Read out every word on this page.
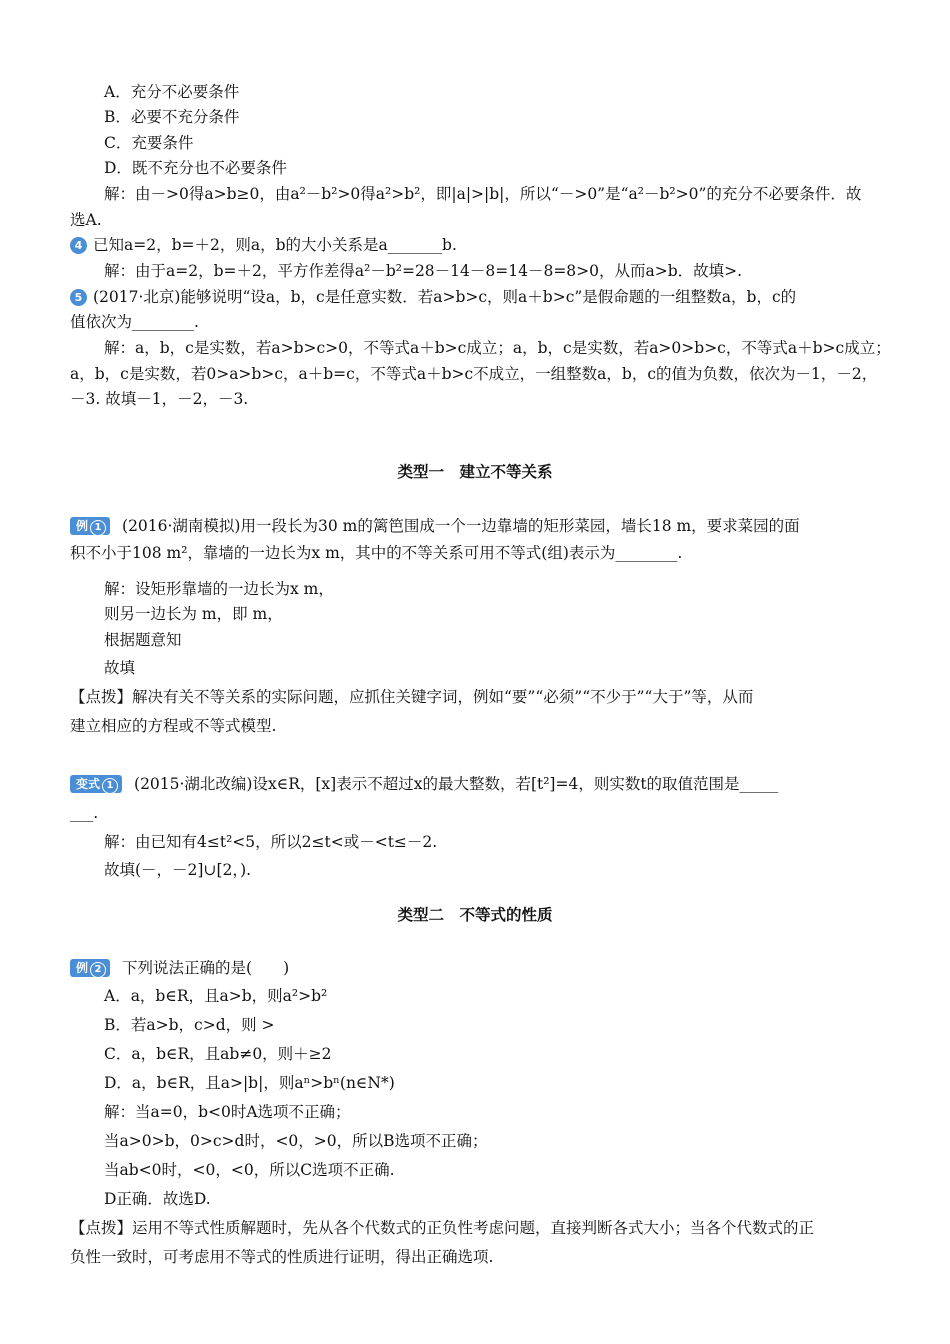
A．充分不必要条件
B．必要不充分条件
C．充要条件
D．既不充分也不必要条件
解：由－>0得a>b≥0，由a²－b²>0得a²>b²，即|a|>|b|，所以“－>0”是“a²－b²>0”的充分不必要条件．故
选A.
4 已知a=2，b=＋2，则a，b的大小关系是a_______b.
解：由于a=2，b=＋2，平方作差得a²－b²=28－14－8=14－8=8>0，从而a>b．故填>.
5 (2017·北京)能够说明“设a，b，c是任意实数．若a>b>c，则a＋b>c”是假命题的一组整数a，b，c的
值依次为________.
解：a，b，c是实数，若a>b>c>0，不等式a＋b>c成立；a，b，c是实数，若a>0>b>c，不等式a＋b>c成立；
a，b，c是实数，若0>a>b>c，a＋b=c，不等式a＋b>c不成立，一组整数a，b，c的值为负数，依次为－1，－2，
－3. 故填－1，－2，－3.
例 1 (2016·湖南模拟)用一段长为30 m的篱笆围成一个一边靠墙的矩形菜园，墙长18 m，要求菜园的面
积不小于108 m²，靠墙的一边长为x m，其中的不等关系可用不等式(组)表示为________.
解：设矩形靠墙的一边长为x m，
则另一边长为 m，即 m，
根据题意知
故填
【点拨】解决有关不等关系的实际问题，应抓住关键字词，例如“要”“必须”“不少于”“大于”等，从而
建立相应的方程或不等式模型.
变式 1 (2015·湖北改编)设x∈R，[x]表示不超过x的最大整数，若[t²]=4，则实数t的取值范围是_____
___.
解：由已知有4≤t²<5，所以2≤t<或－<t≤－2.
故填(－，－2]∪[2，).
例 2 下列说法正确的是(　　)
A．a，b∈R，且a>b，则a²>b²
B．若a>b，c>d，则 >
C．a，b∈R，且ab≠0，则＋≥2
D．a，b∈R，且a>|b|，则aⁿ>bⁿ(n∈N*)
解：当a=0，b<0时A选项不正确；
当a>0>b，0>c>d时，<0，>0，所以B选项不正确；
当ab<0时，<0，<0，所以C选项不正确.
D正确．故选D.
【点拨】运用不等式性质解题时，先从各个代数式的正负性考虑问题，直接判断各式大小；当各个代数式的正
负性一致时，可考虑用不等式的性质进行证明，得出正确选项.
类型一　建立不等关系
类型二　不等式的性质
